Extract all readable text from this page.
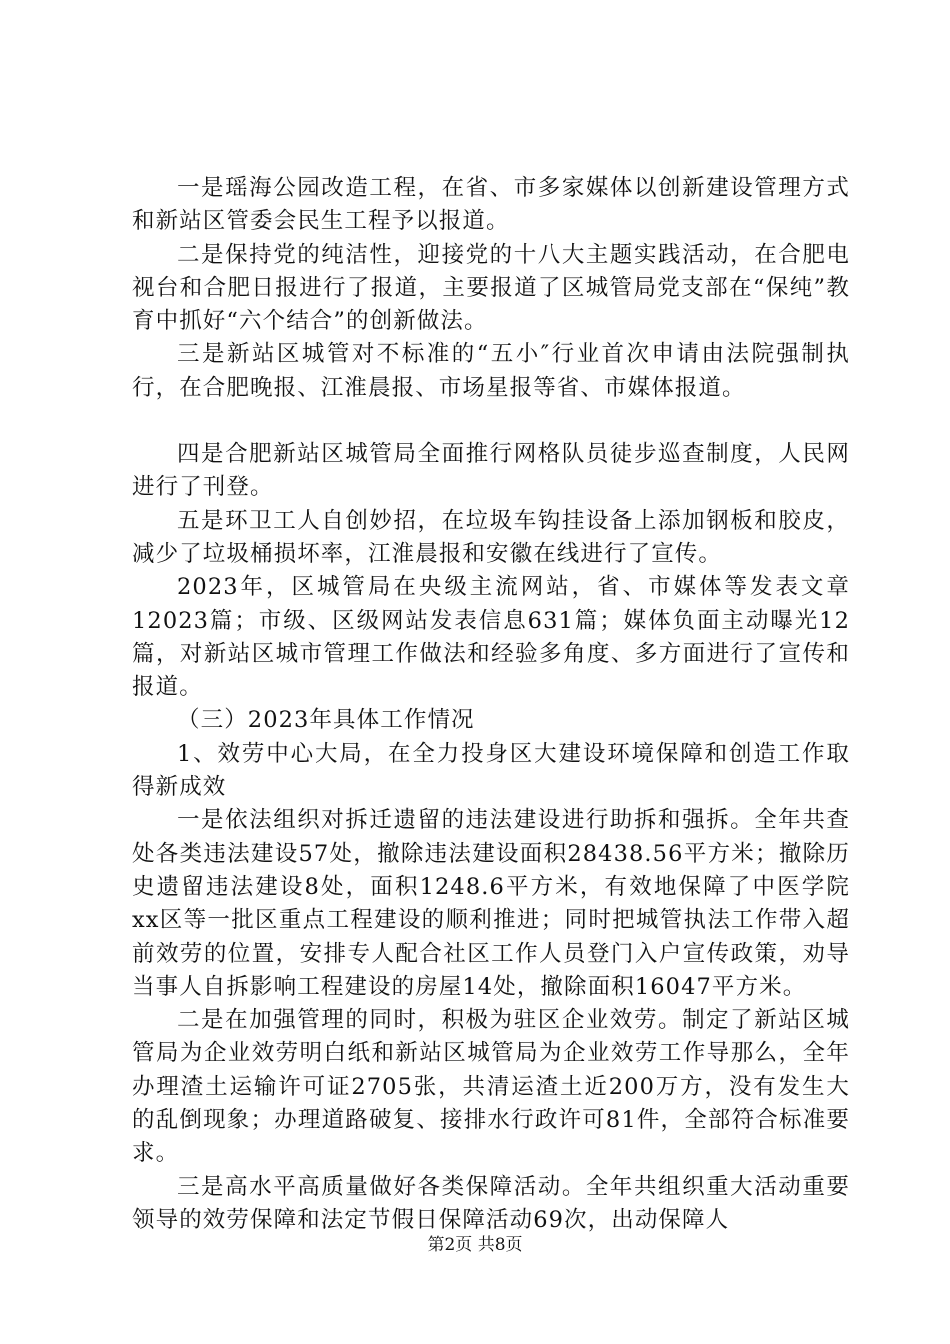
一是瑶海公园改造工程，在省、市多家媒体以创新建设管理方式和新站区管委会民生工程予以报道。

二是保持党的纯洁性，迎接党的十八大主题实践活动，在合肥电视台和合肥日报进行了报道，主要报道了区城管局党支部在“保纯”教育中抓好“六个结合”的创新做法。

三是新站区城管对不标准的“五小″行业首次申请由法院强制执行，在合肥晚报、江淮晨报、市场星报等省、市媒体报道。

四是合肥新站区城管局全面推行网格队员徒步巡查制度，人民网进行了刊登。

五是环卫工人自创妙招，在垃圾车钩挂设备上添加钢板和胶皮，减少了垃圾桶损坏率，江淮晨报和安徽在线进行了宣传。

2023年，区城管局在央级主流网站，省、市媒体等发表文章12023篇；市级、区级网站发表信息631篇；媒体负面主动曝光12篇，对新站区城市管理工作做法和经验多角度、多方面进行了宣传和报道。

（三）2023年具体工作情况

1、效劳中心大局，在全力投身区大建设环境保障和创造工作取得新成效

一是依法组织对拆迁遗留的违法建设进行助拆和强拆。全年共查处各类违法建设57处，撤除违法建设面积28438.56平方米；撤除历史遗留违法建设8处，面积1248.6平方米，有效地保障了中医学院xx区等一批区重点工程建设的顺利推进；同时把城管执法工作带入超前效劳的位置，安排专人配合社区工作人员登门入户宣传政策，劝导当事人自拆影响工程建设的房屋14处，撤除面积16047平方米。

二是在加强管理的同时，积极为驻区企业效劳。制定了新站区城管局为企业效劳明白纸和新站区城管局为企业效劳工作导那么，全年办理渣土运输许可证2705张，共清运渣土近200万方，没有发生大的乱倒现象；办理道路破复、接排水行政许可81件，全部符合标准要求。

三是高水平高质量做好各类保障活动。全年共组织重大活动重要领导的效劳保障和法定节假日保障活动69次，出动保障人

第2页 共8页
